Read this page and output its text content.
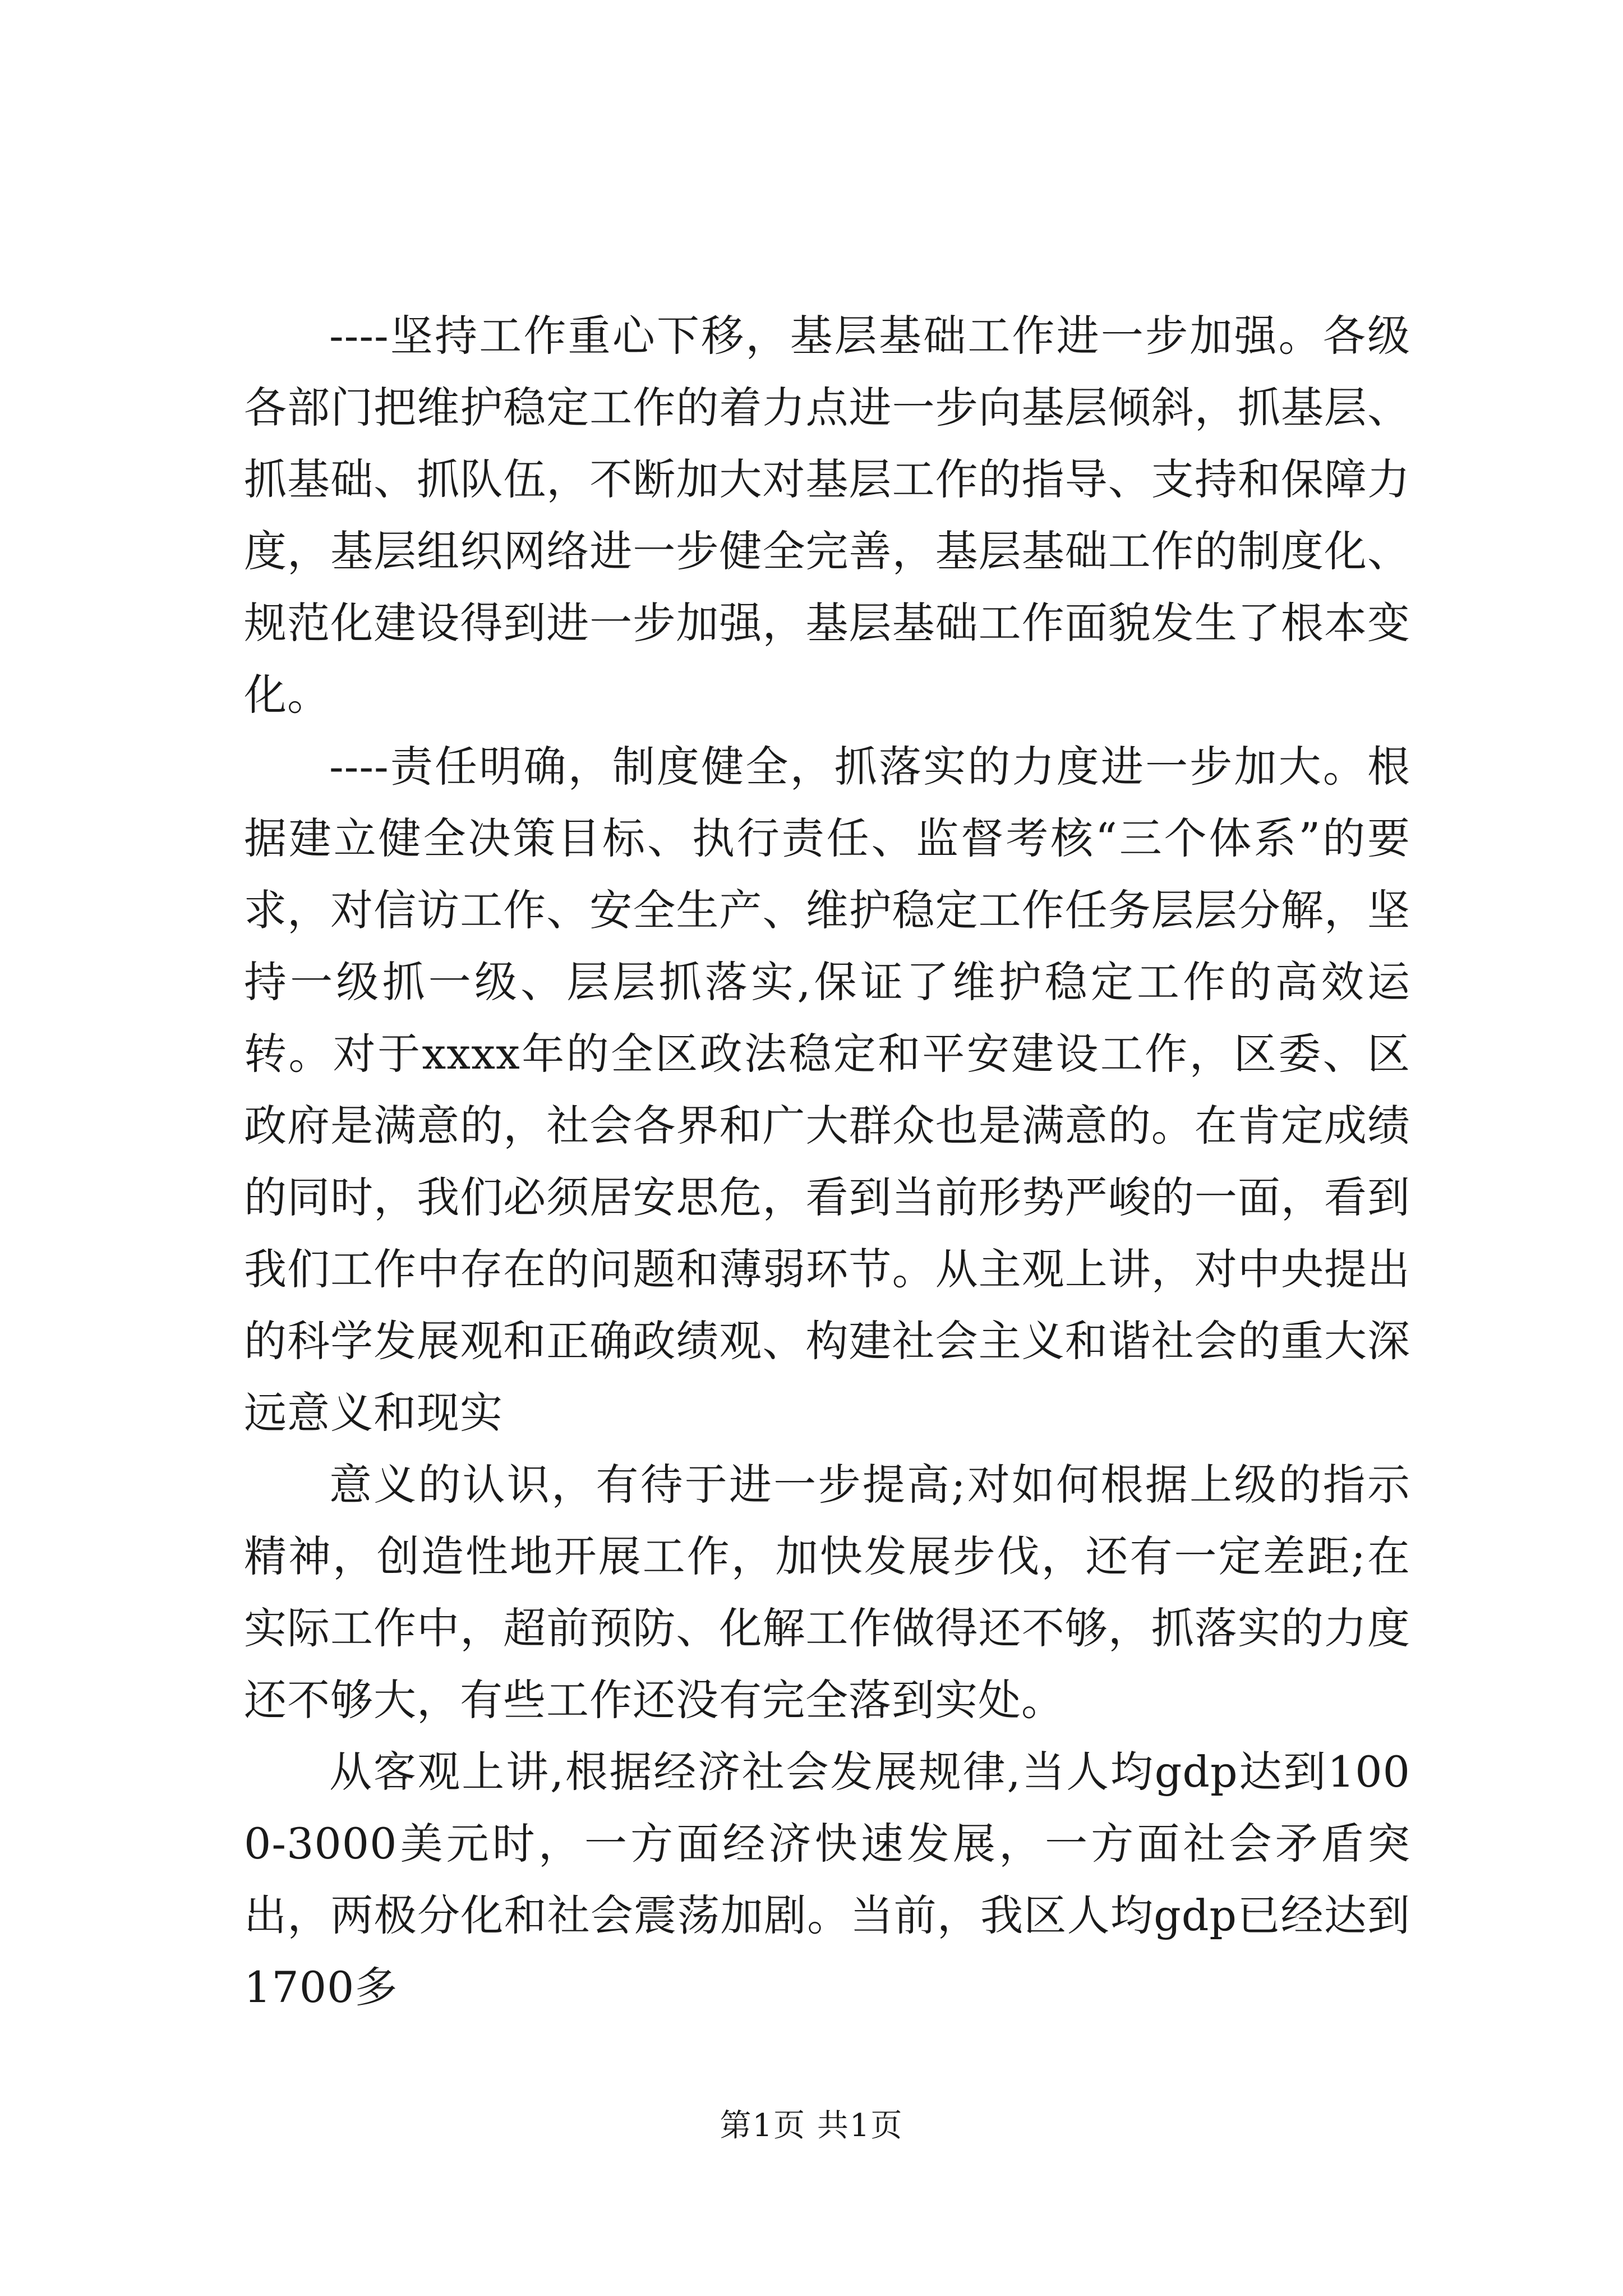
----坚持工作重心下移，基层基础工作进一步加强。各级各部门把维护稳定工作的着力点进一步向基层倾斜，抓基层、抓基础、抓队伍，不断加大对基层工作的指导、支持和保障力度，基层组织网络进一步健全完善，基层基础工作的制度化、规范化建设得到进一步加强，基层基础工作面貌发生了根本变化。

----责任明确，制度健全，抓落实的力度进一步加大。根据建立健全决策目标、执行责任、监督考核“三个体系”的要求，对信访工作、安全生产、维护稳定工作任务层层分解，坚持一级抓一级、层层抓落实,保证了维护稳定工作的高效运转。对于xxxx年的全区政法稳定和平安建设工作，区委、区政府是满意的，社会各界和广大群众也是满意的。在肯定成绩的同时，我们必须居安思危，看到当前形势严峻的一面，看到我们工作中存在的问题和薄弱环节。从主观上讲，对中央提出的科学发展观和正确政绩观、构建社会主义和谐社会的重大深远意义和现实

意义的认识，有待于进一步提高;对如何根据上级的指示精神，创造性地开展工作，加快发展步伐，还有一定差距;在实际工作中，超前预防、化解工作做得还不够，抓落实的力度还不够大，有些工作还没有完全落到实处。

从客观上讲,根据经济社会发展规律,当人均gdp达到1000-3000美元时，一方面经济快速发展，一方面社会矛盾突出，两极分化和社会震荡加剧。当前，我区人均gdp已经达到1700多

第1页 共1页
